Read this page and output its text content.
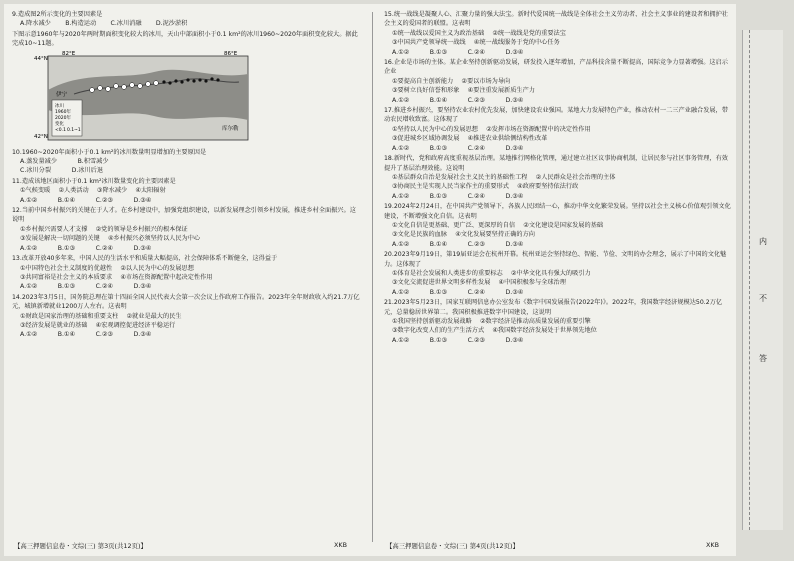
9.造成图2所示变化的主要因素是
A.降水减少   B.构造运动   C.冰川消融   D.泥沙淤积
下图示意1960年与2020年两时期面积变化较大的冰川，天山中部面积小于0.1 km²的冰川1960~2020年面积变化较大。据此完成10~11题。
44°N
42°N
82°E	86°E
伊宁
库尔勒
冰川
1960年
2020年
变化
<0.1 0.1~1
10.1960~2020年面积小于0.1 km²的冰川数量明显增加的主要原因是
A.蒸发量减少   	B.积雪减少
C.冰川分裂   	D.冰川后退
11.造成该地区面积小于0.1 km²冰川数量变化的主要因素是
①气候变暖  ②人类活动  ③降水减少  ④太阳辐射
A.①②   	B.①④   	C.②③   	D.③④
12.当前中国乡村振兴的关键在于人才。在乡村建设中，加强党组织建设，以新发展理念引领乡村发展，推进乡村全面振兴。这说明
①乡村振兴需要人才支撑  ②党的领导是乡村振兴的根本保证
③发展是解决一切问题的关键  ④乡村振兴必须坚持以人民为中心
A.①②   	B.①③   	C.②④   	D.③④
13.改革开放40多年来，中国人民的生活水平和质量大幅提高，社会保障体系不断健全，这得益于
①中国特色社会主义制度的优越性  ②以人民为中心的发展思想
③共同富裕是社会主义的本质要求  ④市场在资源配置中起决定性作用
A.①②   	B.①③   	C.②④   	D.③④
14.2023年3月5日，国务院总理在第十四届全国人民代表大会第一次会议上作政府工作报告。2023年全年财政收入约21.7万亿元，城镇新增就业1200万人左右。这表明
①财政是国家治理的基础和重要支柱  ②就业是最大的民生
③经济发展是就业的基础  ④宏观调控促进经济平稳运行
A.①②   	B.①④   	C.②③   	D.③④
15.统一战线是凝聚人心、汇聚力量的强大法宝。新时代爱国统一战线是全体社会主义劳动者、社会主义事业的建设者和拥护社会主义的爱国者的联盟。这表明
①统一战线以爱国主义为政治基础  ②统一战线是党的重要法宝
③中国共产党领导统一战线  ④统一战线服务于党的中心任务
A.①②   	B.①③   	C.②④   	D.③④
16.企业是市场的主体。某企业坚持创新驱动发展，研发投入逐年增加，产品科技含量不断提高，国际竞争力显著增强。这启示企业
①要提高自主创新能力  ②要以市场为导向
③要树立良好信誉和形象  ④要注重发展新质生产力
A.①②   	B.①④   	C.②③   	D.③④
17.推进乡村振兴，要坚持农业农村优先发展，加快建设农业强国。某地大力发展特色产业，推动农村一二三产业融合发展，带动农民增收致富。这体现了
①坚持以人民为中心的发展思想  ②发挥市场在资源配置中的决定性作用
③促进城乡区域协调发展  ④推进农业供给侧结构性改革
A.①②   	B.①③   	C.②④   	D.③④
18.新时代，党和政府高度重视基层治理。某地推行网格化管理，通过建立社区议事协商机制，让居民参与社区事务管理，有效提升了基层治理效能。这说明
①基层群众自治是发展社会主义民主的基础性工程  ②人民群众是社会治理的主体
③协商民主是实现人民当家作主的重要形式  ④政府要坚持依法行政
A.①②   	B.①③   	C.②④   	D.③④
19.2024年2月24日，在中国共产党领导下，各族人民团结一心，推动中华文化繁荣发展。坚持以社会主义核心价值观引领文化建设，不断增强文化自信。这表明
①文化自信是更基础、更广泛、更深厚的自信  ②文化建设是国家发展的基础
③文化是民族的血脉  ④文化发展要坚持正确的方向
A.①②   	B.①④   	C.②③   	D.③④
20.2023年9月19日，第19届亚运会在杭州开幕。杭州亚运会坚持绿色、智能、节俭、文明的办会理念，展示了中国的文化魅力。这体现了
①体育是社会发展和人类进步的重要标志  ②中华文化具有强大的吸引力
③文化交流促进世界文明多样性发展  ④中国积极参与全球治理
A.①②   	B.①③   	C.②④   	D.③④
21.2023年5月23日，国家互联网信息办公室发布《数字中国发展报告(2022年)》。2022年，我国数字经济规模达50.2万亿元，总量稳居世界第二。我国积极推进数字中国建设，这说明
①我国坚持创新驱动发展战略  ②数字经济是推动高质量发展的重要引擎
③数字化改变人们的生产生活方式  ④我国数字经济发展处于世界领先地位
A.①②   	B.①③   	C.②③   	D.③④
【高三押题信息卷・文综(三) 第3页(共12页)】	XKB	【高三押题信息卷・文综(三) 第4页(共12页)】	XKB
内
不
答
